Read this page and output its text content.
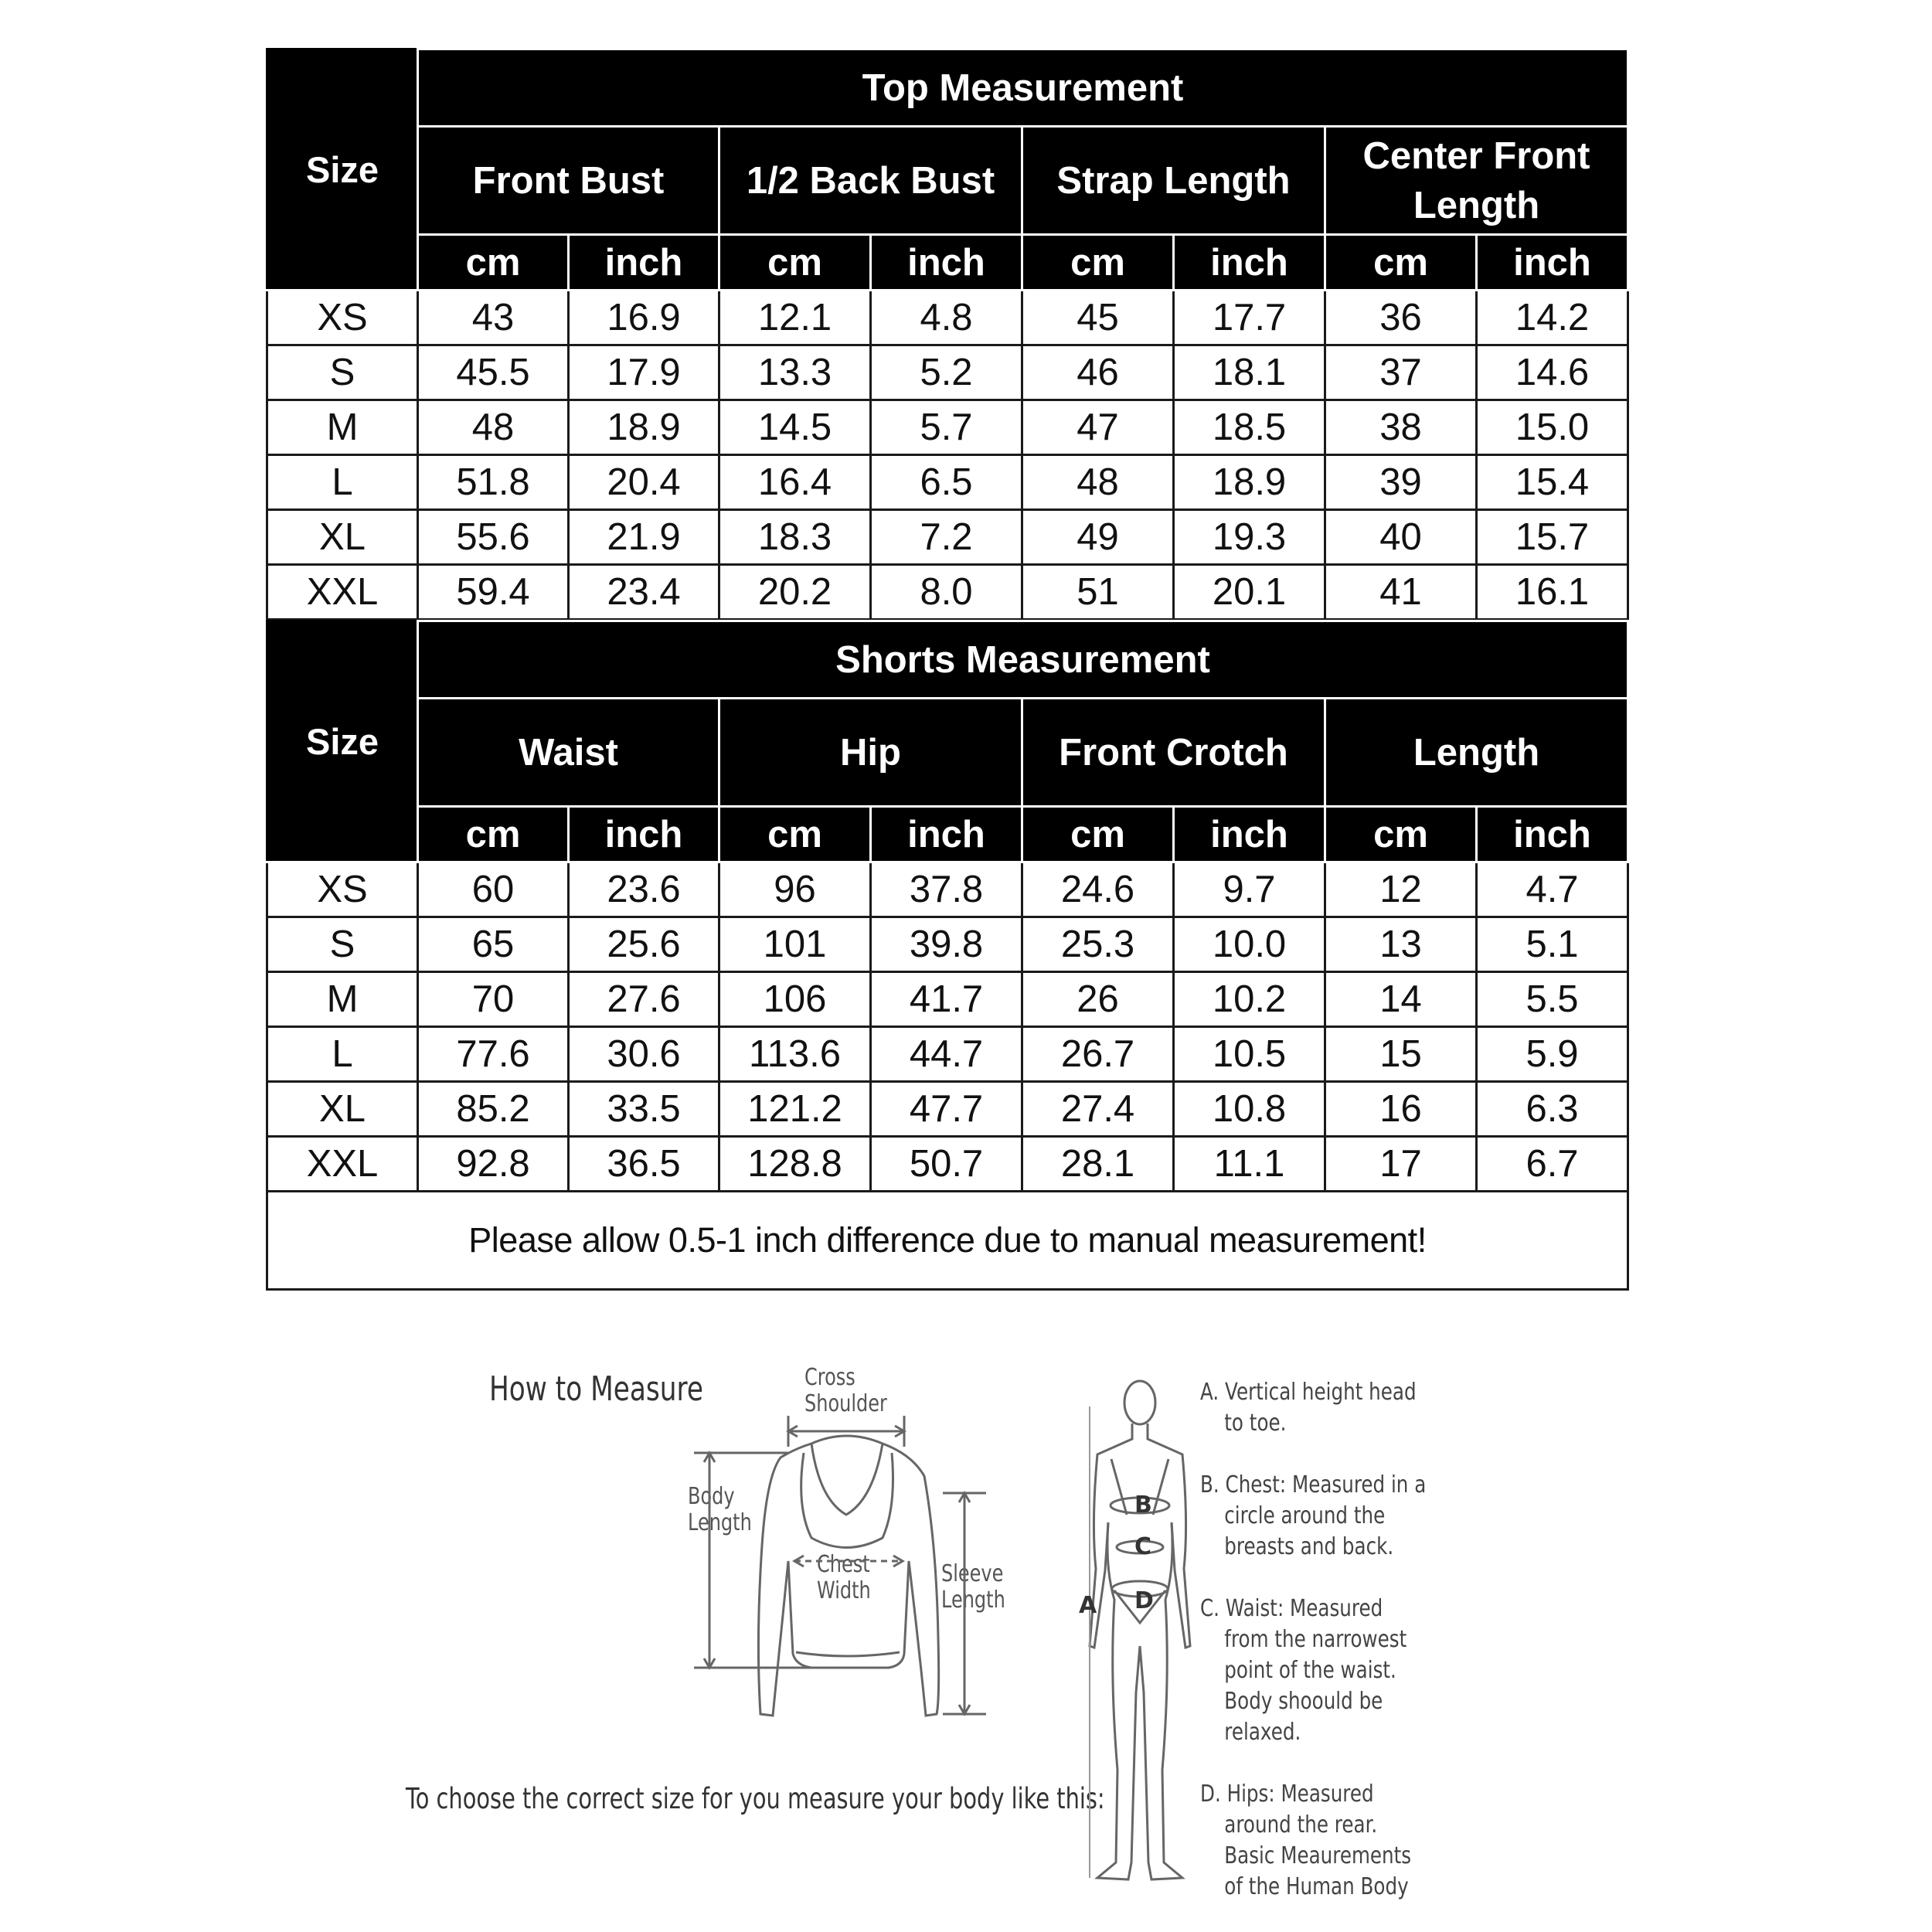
Size	Top Measurement							
	Front Bust		1/2 Back Bust		Strap Length		Center Front Length	
	cm	inch	cm	inch	cm	inch	cm	inch
XS	43	16.9	12.1	4.8	45	17.7	36	14.2
S	45.5	17.9	13.3	5.2	46	18.1	37	14.6
M	48	18.9	14.5	5.7	47	18.5	38	15.0
L	51.8	20.4	16.4	6.5	48	18.9	39	15.4
XL	55.6	21.9	18.3	7.2	49	19.3	40	15.7
XXL	59.4	23.4	20.2	8.0	51	20.1	41	16.1
Size	Shorts Measurement							
	Waist		Hip		Front Crotch		Length	
	cm	inch	cm	inch	cm	inch	cm	inch
XS	60	23.6	96	37.8	24.6	9.7	12	4.7
S	65	25.6	101	39.8	25.3	10.0	13	5.1
M	70	27.6	106	41.7	26	10.2	14	5.5
L	77.6	30.6	113.6	44.7	26.7	10.5	15	5.9
XL	85.2	33.5	121.2	47.7	27.4	10.8	16	6.3
XXL	92.8	36.5	128.8	50.7	28.1	11.1	17	6.7
Please allow 0.5-1 inch difference due to manual measurement!								
How to Measure	Cross
Shoulder
Body
Length
Chest
Width
Sleeve
Length
To choose the correct size for you measure your body like this:
A
B
C
D
A. Vertical height head
to toe.
B. Chest: Measured in a
circle around the
breasts and back.
C. Waist: Measured
from the narrowest
point of the waist.
Body shoould be
relaxed.
D. Hips: Measured
around the rear.
Basic Meaurements
of the Human Body
